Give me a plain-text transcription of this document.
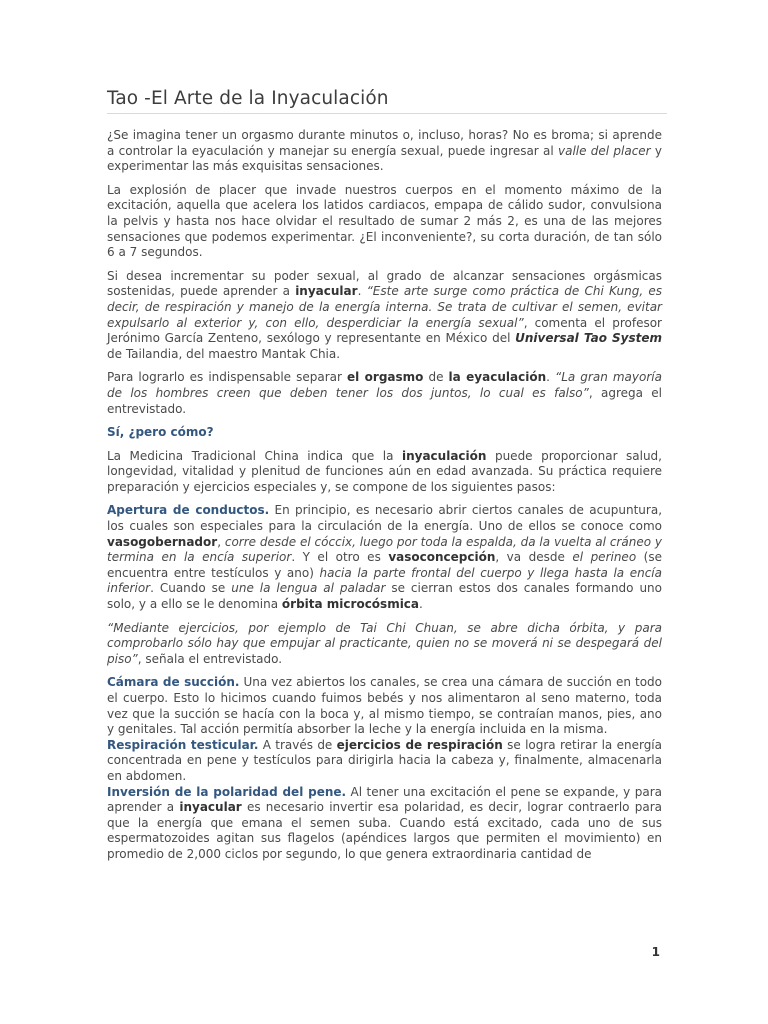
Tao -El Arte de la Inyaculación

¿Se imagina tener un orgasmo durante minutos o, incluso, horas? No es broma; si aprende a controlar la eyaculación y manejar su energía sexual, puede ingresar al valle del placer y experimentar las más exquisitas sensaciones.

La explosión de placer que invade nuestros cuerpos en el momento máximo de la excitación, aquella que acelera los latidos cardiacos, empapa de cálido sudor, convulsiona la pelvis y hasta nos hace olvidar el resultado de sumar 2 más 2, es una de las mejores sensaciones que podemos experimentar. ¿El inconveniente?, su corta duración, de tan sólo 6 a 7 segundos.

Si desea incrementar su poder sexual, al grado de alcanzar sensaciones orgásmicas sostenidas, puede aprender a inyacular. “Este arte surge como práctica de Chi Kung, es decir, de respiración y manejo de la energía interna. Se trata de cultivar el semen, evitar expulsarlo al exterior y, con ello, desperdiciar la energía sexual”, comenta el profesor Jerónimo García Zenteno, sexólogo y representante en México del Universal Tao System de Tailandia, del maestro Mantak Chia.

Para lograrlo es indispensable separar el orgasmo de la eyaculación. “La gran mayoría de los hombres creen que deben tener los dos juntos, lo cual es falso”, agrega el entrevistado.

Sí, ¿pero cómo?

La Medicina Tradicional China indica que la inyaculación puede proporcionar salud, longevidad, vitalidad y plenitud de funciones aún en edad avanzada. Su práctica requiere preparación y ejercicios especiales y, se compone de los siguientes pasos:

Apertura de conductos. En principio, es necesario abrir ciertos canales de acupuntura, los cuales son especiales para la circulación de la energía. Uno de ellos se conoce como vasogobernador, corre desde el cóccix, luego por toda la espalda, da la vuelta al cráneo y termina en la encía superior. Y el otro es vasoconcepción, va desde el perineo (se encuentra entre testículos y ano) hacia la parte frontal del cuerpo y llega hasta la encía inferior. Cuando se une la lengua al paladar se cierran estos dos canales formando uno solo, y a ello se le denomina órbita microcósmica.

“Mediante ejercicios, por ejemplo de Tai Chi Chuan, se abre dicha órbita, y para comprobarlo sólo hay que empujar al practicante, quien no se moverá ni se despegará del piso”, señala el entrevistado.

Cámara de succión. Una vez abiertos los canales, se crea una cámara de succión en todo el cuerpo. Esto lo hicimos cuando fuimos bebés y nos alimentaron al seno materno, toda vez que la succión se hacía con la boca y, al mismo tiempo, se contraían manos, pies, ano y genitales. Tal acción permitía absorber la leche y la energía incluida en la misma.

Respiración testicular. A través de ejercicios de respiración se logra retirar la energía concentrada en pene y testículos para dirigirla hacia la cabeza y, finalmente, almacenarla en abdomen.

Inversión de la polaridad del pene. Al tener una excitación el pene se expande, y para aprender a inyacular es necesario invertir esa polaridad, es decir, lograr contraerlo para que la energía que emana el semen suba. Cuando está excitado, cada uno de sus espermatozoides agitan sus flagelos (apéndices largos que permiten el movimiento) en promedio de 2,000 ciclos por segundo, lo que genera extraordinaria cantidad de

1
